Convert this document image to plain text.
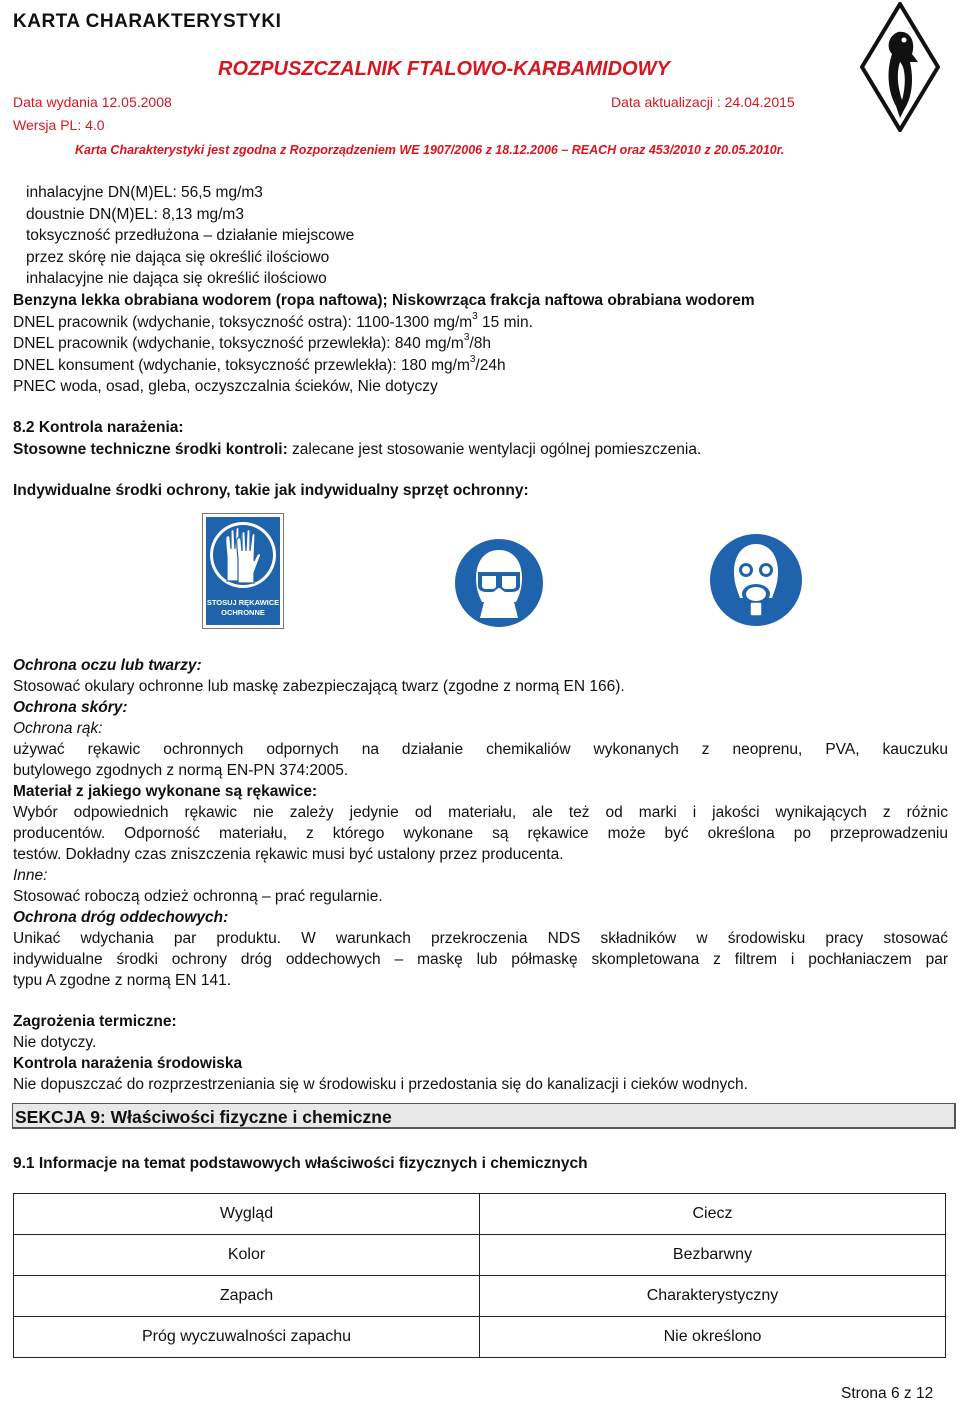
KARTA CHARAKTERYSTYKI
ROZPUSZCZALNIK FTALOWO-KARBAMIDOWY
Data wydania 12.05.2008	Data aktualizacji : 24.04.2015
Wersja PL: 4.0
Karta Charakterystyki jest zgodna z Rozporządzeniem WE 1907/2006 z 18.12.2006 – REACH oraz 453/2010 z 20.05.2010r.
inhalacyjne DN(M)EL: 56,5 mg/m3
doustnie DN(M)EL: 8,13 mg/m3
toksyczność przedłużona – działanie miejscowe
przez skórę nie dająca się określić ilościowo
inhalacyjne nie dająca się określić ilościowo
Benzyna lekka obrabiana wodorem (ropa naftowa); Niskowrząca frakcja naftowa obrabiana wodorem
DNEL pracownik (wdychanie, toksyczność ostra): 1100-1300 $mg/m^3$ 15 min.
DNEL pracownik (wdychanie, toksyczność przewlekła): 840 $mg/m^3/8h$
DNEL konsument (wdychanie, toksyczność przewlekła): 180 $mg/m^3/24h$
PNEC woda, osad, gleba, oczyszczalnia ścieków, Nie dotyczy
8.2 Kontrola narażenia:
Stosowne techniczne środki kontroli: zalecane jest stosowanie wentylacji ogólnej pomieszczenia.
Indywidualne środki ochrony, takie jak indywidualny sprzęt ochronny:
STOSUJ RĘKAWICE
OCHRONNE
Ochrona oczu lub twarzy:
Stosować okulary ochronne lub maskę zabezpieczającą twarz (zgodne z normą EN 166).
Ochrona skóry:
Ochrona rąk:
używać rękawic ochronnych odpornych na działanie chemikaliów wykonanych z neoprenu, PVA, kauczuku
butylowego zgodnych z normą EN-PN 374:2005.
Materiał z jakiego wykonane są rękawice:
Wybór odpowiednich rękawic nie zależy jedynie od materiału, ale też od marki i jakości wynikających z różnic
producentów. Odporność materiału, z którego wykonane są rękawice może być określona po przeprowadzeniu
testów. Dokładny czas zniszczenia rękawic musi być ustalony przez producenta.
Inne:
Stosować roboczą odzież ochronną – prać regularnie.
Ochrona dróg oddechowych:
Unikać wdychania par produktu. W warunkach przekroczenia NDS składników w środowisku pracy stosować
indywidualne środki ochrony dróg oddechowych – maskę lub półmaskę skompletowana z filtrem i pochłaniaczem par
typu A zgodne z normą EN 141.
Zagrożenia termiczne:
Nie dotyczy.
Kontrola narażenia środowiska
Nie dopuszczać do rozprzestrzeniania się w środowisku i przedostania się do kanalizacji i cieków wodnych.
SEKCJA 9: Właściwości fizyczne i chemiczne
9.1 Informacje na temat podstawowych właściwości fizycznych i chemicznych
Wygląd	Ciecz
Kolor	Bezbarwny
Zapach	Charakterystyczny
Próg wyczuwalności zapachu	Nie określono
Strona 6 z 12
